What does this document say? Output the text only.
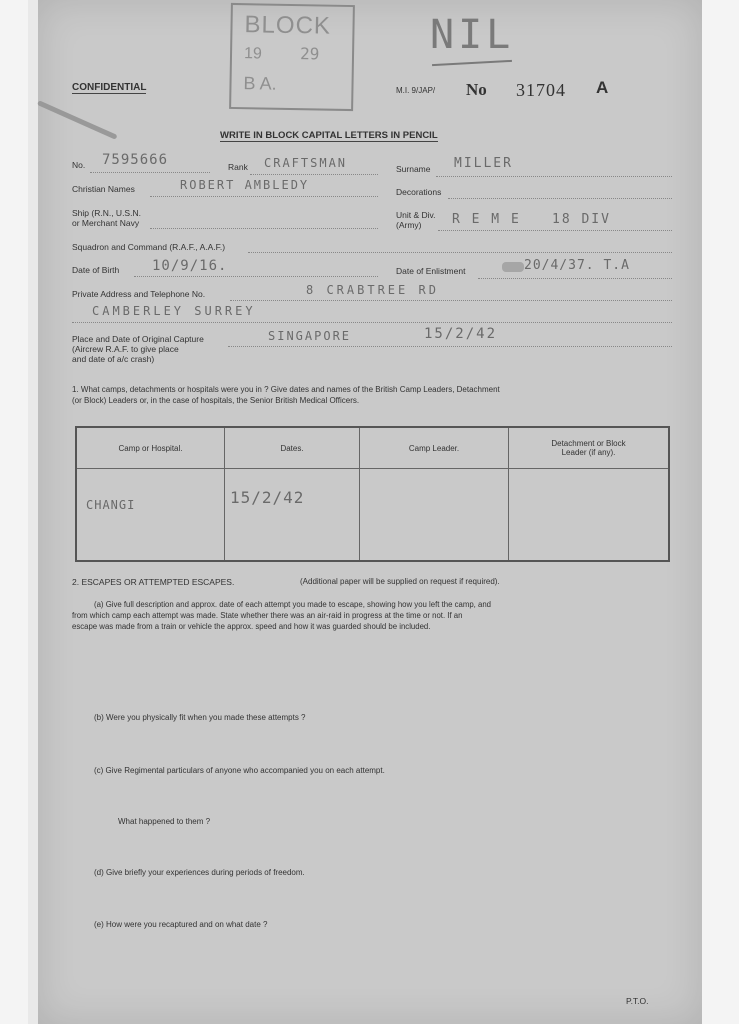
BLOCK
19 29
B A.
NIL
CONFIDENTIAL	M.I. 9/JAP/ No 31704 A
WRITE IN BLOCK CAPITAL LETTERS IN PENCIL
No. 7595666	Rank CRAFTSMAN	Surname MILLER
Christian Names	ROBERT AMBLEDY	Decorations
Ship (R.N., U.S.N.
or Merchant Navy
Unit & Div.
(Army) R E M E 18 DIV
Squadron and Command (R.A.F., A.A.F.)
Date of Birth 10/9/16.	Date of Enlistment	20/4/37. T.A
Private Address and Telephone No.	8 CRABTREE RD
CAMBERLEY SURREY
Place and Date of Original Capture
(Aircrew R.A.F. to give place
and date of a/c crash)
SINGAPORE	15/2/42
1. What camps, detachments or hospitals were you in ? Give dates and names of the British Camp Leaders, Detachment
(or Block) Leaders or, in the case of hospitals, the Senior British Medical Officers.
Camp or Hospital.	Dates.	Camp Leader.	Detachment or Block Leader (if any).

CHANGI	15/2/42		

2. ESCAPES OR ATTEMPTED ESCAPES.	(Additional paper will be supplied on request if required).
(a) Give full description and approx. date of each attempt you made to escape, showing how you left the camp, and
from which camp each attempt was made. State whether there was an air-raid in progress at the time or not. If an
escape was made from a train or vehicle the approx. speed and how it was guarded should be included.
(b) Were you physically fit when you made these attempts ?
(c) Give Regimental particulars of anyone who accompanied you on each attempt.
What happened to them ?
(d) Give briefly your experiences during periods of freedom.
(e) How were you recaptured and on what date ?
P.T.O.
